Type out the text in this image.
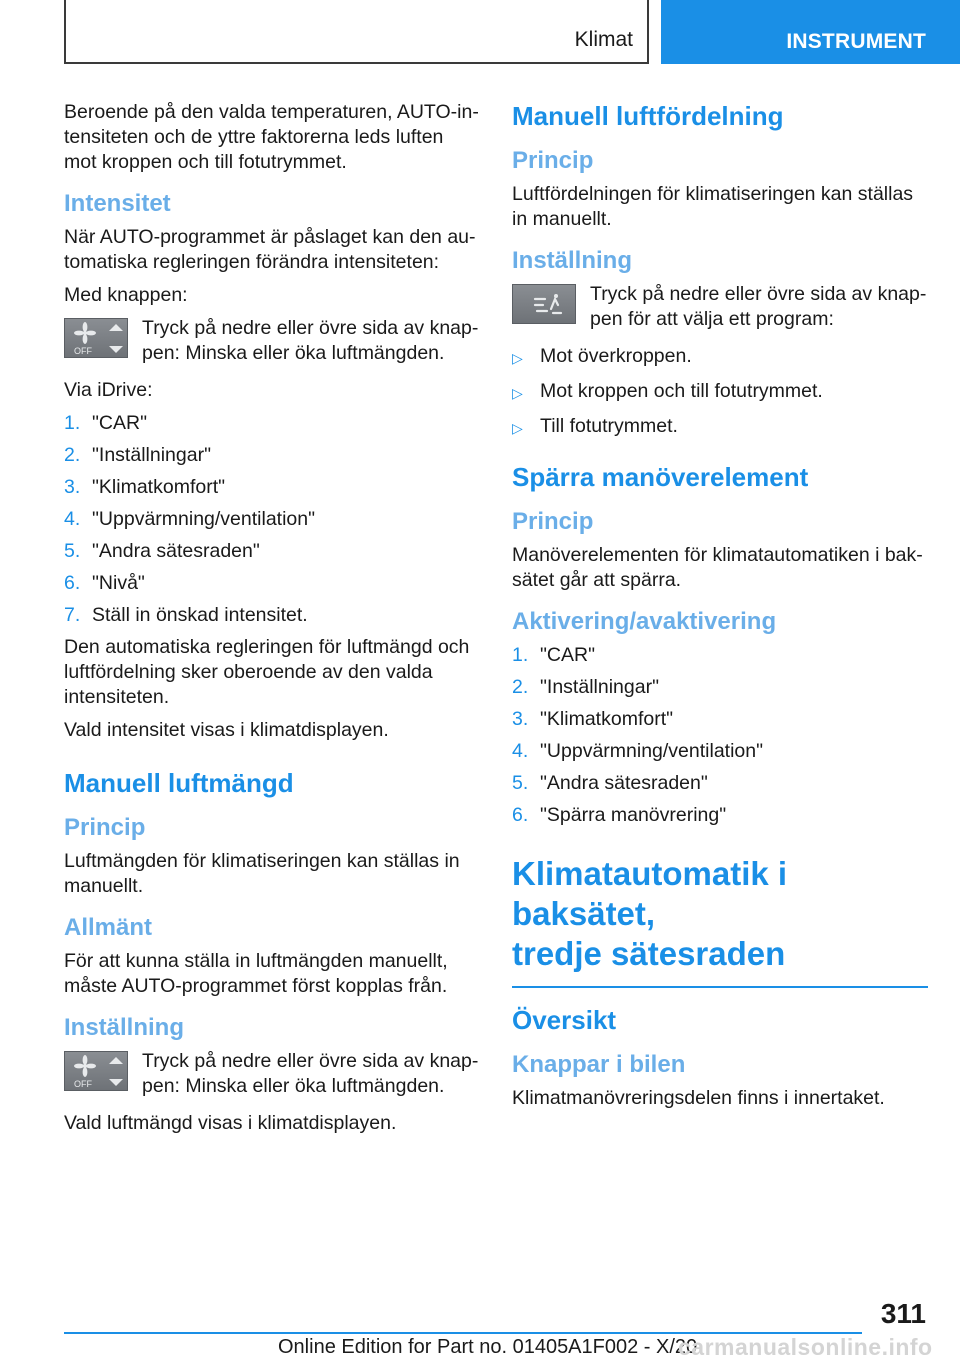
Klimat	INSTRUMENT

Beroende på den valda temperaturen, AUTO-intensiteten och de yttre faktorerna leds luften mot kroppen och till fotutrymmet.

Intensitet

När AUTO-programmet är påslaget kan den automatiska regleringen förändra intensiteten:

Med knappen:

OFF
Tryck på nedre eller övre sida av knappen: Minska eller öka luftmängden.

Via iDrive:

1. "CAR"
2. "Inställningar"
3. "Klimatkomfort"
4. "Uppvärmning/ventilation"
5. "Andra sätesraden"
6. "Nivå"
7. Ställ in önskad intensitet.

Den automatiska regleringen för luftmängd och luftfördelning sker oberoende av den valda intensiteten.

Vald intensitet visas i klimatdisplayen.

Manuell luftmängd
Princip

Luftmängden för klimatiseringen kan ställas in manuellt.

Allmänt

För att kunna ställa in luftmängden manuellt, måste AUTO-programmet först kopplas från.

Inställning
OFF
Tryck på nedre eller övre sida av knappen: Minska eller öka luftmängden.

Vald luftmängd visas i klimatdisplayen.

Manuell luftfördelning
Princip

Luftfördelningen för klimatiseringen kan ställas in manuellt.

Inställning
Tryck på nedre eller övre sida av knappen för att välja ett program:
▷ Mot överkroppen.
▷ Mot kroppen och till fotutrymmet.
▷ Till fotutrymmet.
Spärra manöverelement
Princip

Manöverelementen för klimatautomatiken i baksätet går att spärra.

Aktivering/avaktivering
1. "CAR"
2. "Inställningar"
3. "Klimatkomfort"
4. "Uppvärmning/ventilation"
5. "Andra sätesraden"
6. "Spärra manövrering"
Klimatautomatik i baksätet,
tredje sätesraden
Översikt
Knappar i bilen

Klimatmanövreringsdelen finns i innertaket.

311
Online Edition for Part no. 01405A1F002 - X/20
carmanualsonline.info
